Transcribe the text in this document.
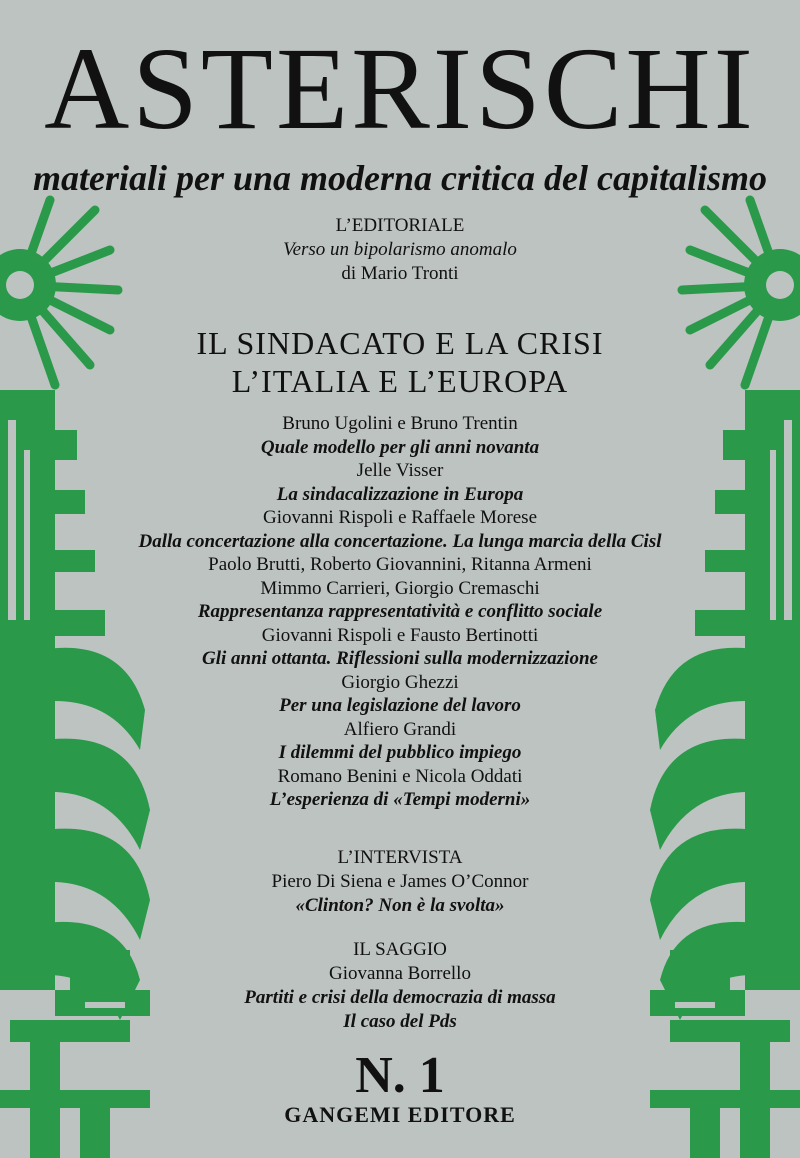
ASTERISCHI
materiali per una moderna critica del capitalismo
L’EDITORIALE
Verso un bipolarismo anomalo
di Mario Tronti
IL SINDACATO E LA CRISI
L’ITALIA E L’EUROPA
Bruno Ugolini e Bruno Trentin
Quale modello per gli anni novanta
Jelle Visser
La sindacalizzazione in Europa
Giovanni Rispoli e Raffaele Morese
Dalla concertazione alla concertazione. La lunga marcia della Cisl
Paolo Brutti, Roberto Giovannini, Ritanna Armeni
Mimmo Carrieri, Giorgio Cremaschi
Rappresentanza rappresentatività e conflitto sociale
Giovanni Rispoli e Fausto Bertinotti
Gli anni ottanta. Riflessioni sulla modernizzazione
Giorgio Ghezzi
Per una legislazione del lavoro
Alfiero Grandi
I dilemmi del pubblico impiego
Romano Benini e Nicola Oddati
L’esperienza di «Tempi moderni»
L’INTERVISTA
Piero Di Siena e James O’Connor
«Clinton? Non è la svolta»
IL SAGGIO
Giovanna Borrello
Partiti e crisi della democrazia di massa
Il caso del Pds
N. 1
GANGEMI EDITORE
